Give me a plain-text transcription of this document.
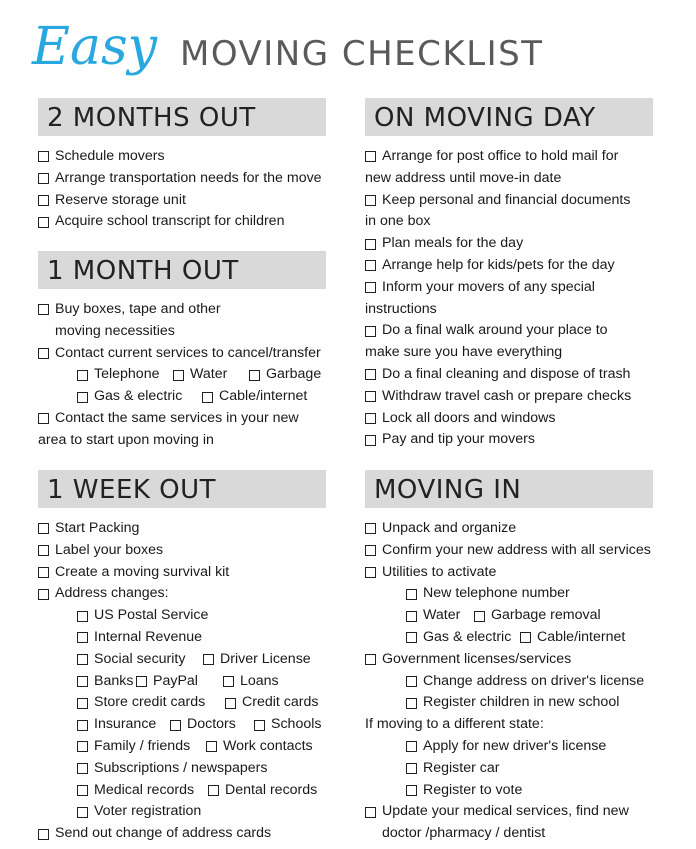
Easy MOVING CHECKLIST
2 MONTHS OUT
Schedule movers
Arrange transportation needs for the move
Reserve storage unit
Acquire school transcript for children
1 MONTH OUT
Buy boxes, tape and other
moving necessities
Contact current services to cancel/transfer
Telephone Water	Garbage
Gas & electric	Cable/internet
Contact the same services in your new
area to start upon moving in
1 WEEK OUT
Start Packing
Label your boxes
Create a moving survival kit
Address changes:
US Postal Service
Internal Revenue
Social security Driver License
Banks PayPal	Loans
Store credit cards	Credit cards
Insurance Doctors Schools
Family / friends Work contacts
Subscriptions / newspapers
Medical records Dental records
Voter registration
Send out change of address cards
ON MOVING DAY
Arrange for post office to hold mail for
new address until move-in date
Keep personal and financial documents
in one box
Plan meals for the day
Arrange help for kids/pets for the day
Inform your movers of any special
instructions
Do a final walk around your place to
make sure you have everything
Do a final cleaning and dispose of trash
Withdraw travel cash or prepare checks
Lock all doors and windows
Pay and tip your movers
MOVING IN
Unpack and organize
Confirm your new address with all services
Utilities to activate
New telephone number
Water Garbage removal
Gas & electric Cable/internet
Government licenses/services
Change address on driver's license
Register children in new school
If moving to a different state:
Apply for new driver's license
Register car
Register to vote
Update your medical services, find new
doctor /pharmacy / dentist
